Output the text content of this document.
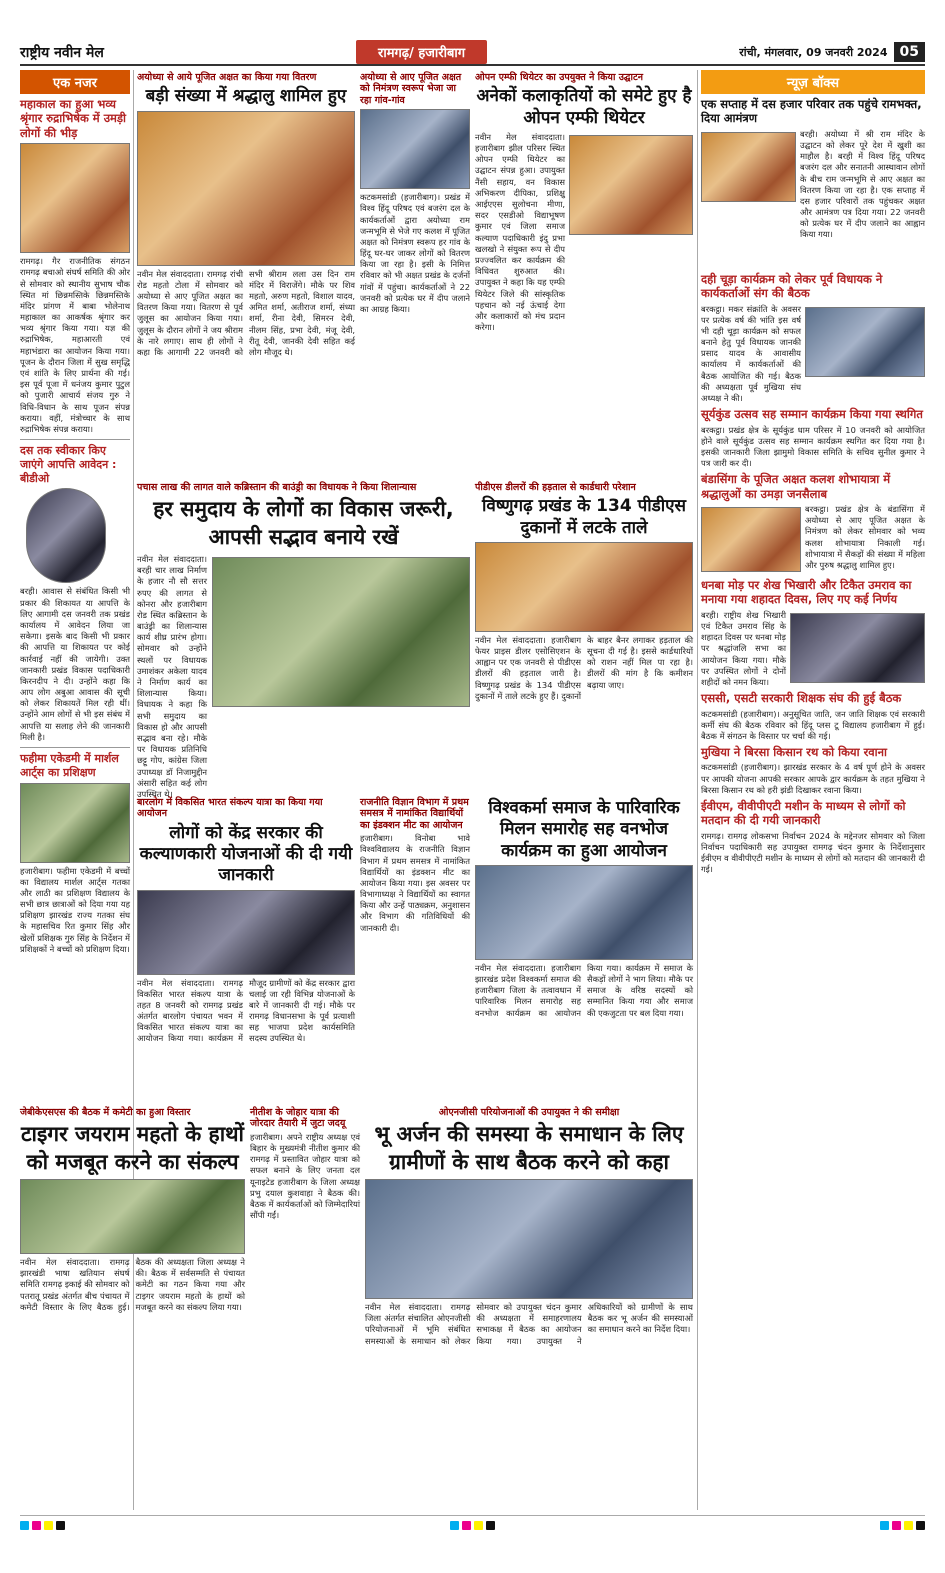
राष्ट्रीय नवीन मेल	रामगढ़/ हजारीबाग	रांची, मंगलवार, 09 जनवरी 2024 05
एक नजर
महाकाल का हुआ भव्य श्रृंगार रुद्राभिषेक में उमड़ी लोगों की भीड़
रामगढ़। गैर राजनीतिक संगठन रामगढ़ बचाओ संघर्ष समिति की ओर से सोमवार को स्थानीय सुभाष चौक स्थित मां छिन्नमस्तिके छिन्नमस्तिके मंदिर प्रांगण में बाबा भोलेनाथ महाकाल का आकर्षक श्रृंगार कर भव्य श्रृंगार किया गया। यज्ञ की रुद्राभिषेक, महाआरती एवं महाभंडारा का आयोजन किया गया। पूजन के दौरान जिला में सुख समृद्धि एवं शांति के लिए प्रार्थना की गई। इस पूर्व पूजा में धनंजय कुमार पुटुल को पुजारी आचार्य संजय गुरु ने विधि-विधान के साथ पूजन संपन्न कराया। वहीं, मंत्रोच्चार के साथ रुद्राभिषेक संपन्न कराया।
दस तक स्वीकार किए जाएंगे आपत्ति आवेदन : बीडीओ
बरही। आवास से संबंधित किसी भी प्रकार की शिकायत या आपत्ति के लिए आगामी दस जनवरी तक प्रखंड कार्यालय में आवेदन लिया जा सकेगा। इसके बाद किसी भी प्रकार की आपत्ति या शिकायत पर कोई कार्रवाई नहीं की जायेगी। उक्त जानकारी प्रखंड विकास पदाधिकारी किरनदीप ने दी। उन्होंने कहा कि आप लोग अबुआ आवास की सूची को लेकर शिकायतें मिल रही थीं। उन्होंने आम लोगों से भी इस संबंध में आपत्ति या सलाह लेने की जानकारी मिली है।
फहीमा एकेडमी में मार्शल आर्ट्स का प्रशिक्षण
हजारीबाग। फहीमा एकेडमी में बच्चों का विद्यालय मार्शल आर्ट्स गतका और लाठी का प्रशिक्षण विद्यालय के सभी छात्र छात्राओं को दिया गया यह प्रशिक्षण झारखंड राज्य गतका संघ के महासचिव रित कुमार सिंह और खेलों प्रशिक्षक गुरु सिंह के निर्देशन में प्रशिक्षकों ने बच्चों को प्रशिक्षण दिया।
अयोध्या से आये पूजित अक्षत का किया गया वितरण
बड़ी संख्या में श्रद्धालु शामिल हुए
नवीन मेल संवाददाता। रामगढ़ रांची रोड महतो टोला में सोमवार को अयोध्या से आए पूजित अक्षत का वितरण किया गया। वितरण से पूर्व जुलूस का आयोजन किया गया। जुलूस के दौरान लोगों ने जय श्रीराम के नारे लगाए। साथ ही लोगों ने कहा कि आगामी 22 जनवरी को सभी श्रीराम लला उस दिन राम मंदिर में विराजेंगे। मौके पर शिव महतो, अरुण महतो, विशाल यादव, अमित शर्मा, अतीराज शर्मा, संध्या शर्मा, रीना देवी, सिमरन देवी, नीलम सिंह, प्रभा देवी, मंजू देवी, रीतू देवी, जानकी देवी सहित कई लोग मौजूद थे।
अयोध्या से आए पूजित अक्षत को निमंत्रण स्वरूप भेजा जा रहा गांव-गांव
कटकमसांडी (हजारीबाग)। प्रखंड में विश्व हिंदू परिषद एवं बजरंग दल के कार्यकर्ताओं द्वारा अयोध्या राम जन्मभूमि से भेजे गए कलश में पूजित अक्षत को निमंत्रण स्वरूप हर गांव के हिंदू घर-घर जाकर लोगों को वितरण किया जा रहा है। इसी के निमित्त रविवार को भी अक्षत प्रखंड के दर्जनों गांवों में पहुंचा। कार्यकर्ताओं ने 22 जनवरी को प्रत्येक घर में दीप जलाने का आग्रह किया।
ओपन एम्फी थियेटर का उपयुक्त ने किया उद्घाटन
अनेकों कलाकृतियों को समेटे हुए है ओपन एम्फी थियेटर
नवीन मेल संवाददाता। हजारीबाग झील परिसर स्थित ओपन एम्फी थियेटर का उद्घाटन संपन्न हुआ। उपायुक्त नैंसी सहाय, वन विकास अभिकरण दीपिका, प्रशिक्षु आईएएस सुलोचना मीणा, सदर एसडीओ विद्याभूषण कुमार एवं जिला समाज कल्याण पदाधिकारी इंदु प्रभा खलखो ने संयुक्त रूप से दीप प्रज्ज्वलित कर कार्यक्रम की विधिवत शुरुआत की। उपायुक्त ने कहा कि यह एम्फी थियेटर जिले की सांस्कृतिक पहचान को नई ऊंचाई देगा और कलाकारों को मंच प्रदान करेगा।
न्यूज़ बॉक्स
एक सप्ताह में दस हजार परिवार तक पहुंचे रामभक्त, दिया आमंत्रण
बरही। अयोध्या में श्री राम मंदिर के उद्घाटन को लेकर पूरे देश में खुशी का माहौल है। बरही में विश्व हिंदू परिषद बजरंग दल और सनातनी आस्थावान लोगों के बीच राम जन्मभूमि से आए अक्षत का वितरण किया जा रहा है। एक सप्ताह में दस हजार परिवारों तक पहुंचकर अक्षत और आमंत्रण पत्र दिया गया। 22 जनवरी को प्रत्येक घर में दीप जलाने का आह्वान किया गया।
दही चूड़ा कार्यक्रम को लेकर पूर्व विधायक ने कार्यकर्ताओं संग की बैठक
बरकट्ठा। मकर संक्रांति के अवसर पर प्रत्येक वर्ष की भांति इस वर्ष भी दही चूड़ा कार्यक्रम को सफल बनाने हेतु पूर्व विधायक जानकी प्रसाद यादव के आवासीय कार्यालय में कार्यकर्ताओं की बैठक आयोजित की गई। बैठक की अध्यक्षता पूर्व मुखिया संघ अध्यक्ष ने की।
सूर्यकुंड उत्सव सह सम्मान कार्यक्रम किया गया स्थगित
बरकट्ठा। प्रखंड क्षेत्र के सूर्यकुंड धाम परिसर में 10 जनवरी को आयोजित होने वाले सूर्यकुंड उत्सव सह सम्मान कार्यक्रम स्थगित कर दिया गया है। इसकी जानकारी जिला झामुमो विकास समिति के सचिव सुनील कुमार ने पत्र जारी कर दी।
बंडासिंगा के पूजित अक्षत कलश शोभायात्रा में श्रद्धालुओं का उमड़ा जनसैलाब
बरकट्ठा। प्रखंड क्षेत्र के बंडासिंगा में अयोध्या से आए पूजित अक्षत के निमंत्रण को लेकर सोमवार को भव्य कलश शोभायात्रा निकाली गई। शोभायात्रा में सैकड़ों की संख्या में महिला और पुरुष श्रद्धालु शामिल हुए।
धनबा मोड़ पर शेख भिखारी और टिकैत उमराव का मनाया गया शहादत दिवस, लिए गए कई निर्णय
बरही। राष्ट्रीय शेख भिखारी एवं टिकैत उमराव सिंह के शहादत दिवस पर धनबा मोड़ पर श्रद्धांजलि सभा का आयोजन किया गया। मौके पर उपस्थित लोगों ने दोनों शहीदों को नमन किया।
एससी, एसटी सरकारी शिक्षक संघ की हुई बैठक
कटकमसांडी (हजारीबाग)। अनुसूचित जाति, जन जाति शिक्षक एवं सरकारी कर्मी संघ की बैठक रविवार को हिंदू प्लस टू विद्यालय हजारीबाग में हुई। बैठक में संगठन के विस्तार पर चर्चा की गई।
मुखिया ने बिरसा किसान रथ को किया रवाना
कटकमसांडी (हजारीबाग)। झारखंड सरकार के 4 वर्ष पूर्ण होने के अवसर पर आपकी योजना आपकी सरकार आपके द्वार कार्यक्रम के तहत मुखिया ने बिरसा किसान रथ को हरी झंडी दिखाकर रवाना किया।
ईवीएम, वीवीपीएटी मशीन के माध्यम से लोगों को मतदान की दी गयी जानकारी
रामगढ़। रामगढ़ लोकसभा निर्वाचन 2024 के मद्देनजर सोमवार को जिला निर्वाचन पदाधिकारी सह उपायुक्त रामगढ़ चंदन कुमार के निर्देशानुसार ईवीएम व वीवीपीएटी मशीन के माध्यम से लोगों को मतदान की जानकारी दी गई।
पचास लाख की लागत वाले कब्रिस्तान की बाउंड्री का विधायक ने किया शिलान्यास
हर समुदाय के लोगों का विकास जरूरी, आपसी सद्भाव बनाये रखें
नवीन मेल संवाददाता। बरही चार लाख निर्माण के हजार नौ सौ सत्तर रुपए की लागत से कोनरा और हजारीबाग रोड स्थित कब्रिस्तान के बाउंड्री का शिलान्यास कार्य शीघ्र प्रारंभ होगा। सोमवार को उन्होंने स्थलों पर विधायक उमाशंकर अकेला यादव ने निर्माण कार्य का शिलान्यास किया। विधायक ने कहा कि सभी समुदाय का विकास हो और आपसी सद्भाव बना रहे। मौके पर विधायक प्रतिनिधि छट्टू गोप, कांग्रेस जिला उपाध्यक्ष डॉ निजामुद्दीन अंसारी सहित कई लोग उपस्थित थे।
पीडीएस डीलरों की हड़ताल से कार्डधारी परेशान
विष्णुगढ़ प्रखंड के 134 पीडीएस दुकानों में लटके ताले
नवीन मेल संवाददाता। हजारीबाग फेयर प्राइस डीलर एसोसिएशन के आह्वान पर एक जनवरी से पीडीएस डीलरों की हड़ताल जारी है। विष्णुगढ़ प्रखंड के 134 पीडीएस दुकानों में ताले लटके हुए हैं। दुकानों के बाहर बैनर लगाकर हड़ताल की सूचना दी गई है। इससे कार्डधारियों को राशन नहीं मिल पा रहा है। डीलरों की मांग है कि कमीशन बढ़ाया जाए।
बारलोग में विकसित भारत संकल्प यात्रा का किया गया आयोजन
लोगों को केंद्र सरकार की कल्याणकारी योजनाओं की दी गयी जानकारी
नवीन मेल संवाददाता। रामगढ़ विकसित भारत संकल्प यात्रा के तहत 8 जनवरी को रामगढ़ प्रखंड अंतर्गत बारलोग पंचायत भवन में विकसित भारत संकल्प यात्रा का आयोजन किया गया। कार्यक्रम में मौजूद ग्रामीणों को केंद्र सरकार द्वारा चलाई जा रही विभिन्न योजनाओं के बारे में जानकारी दी गई। मौके पर रामगढ़ विधानसभा के पूर्व प्रत्याशी सह भाजपा प्रदेश कार्यसमिति सदस्य उपस्थित थे।
राजनीति विज्ञान विभाग में प्रथम समसत्र में नामांकित विद्यार्थियों का इंडक्शन मीट का आयोजन
हजारीबाग। विनोबा भावे विश्वविद्यालय के राजनीति विज्ञान विभाग में प्रथम समसत्र में नामांकित विद्यार्थियों का इंडक्शन मीट का आयोजन किया गया। इस अवसर पर विभागाध्यक्ष ने विद्यार्थियों का स्वागत किया और उन्हें पाठ्यक्रम, अनुशासन और विभाग की गतिविधियों की जानकारी दी।
विश्वकर्मा समाज के पारिवारिक मिलन समारोह सह वनभोज कार्यक्रम का हुआ आयोजन
नवीन मेल संवाददाता। हजारीबाग झारखंड प्रदेश विश्वकर्मा समाज की हजारीबाग जिला के तत्वावधान में पारिवारिक मिलन समारोह सह वनभोज कार्यक्रम का आयोजन किया गया। कार्यक्रम में समाज के सैकड़ों लोगों ने भाग लिया। मौके पर समाज के वरिष्ठ सदस्यों को सम्मानित किया गया और समाज की एकजुटता पर बल दिया गया।
जेबीकेएसएस की बैठक में कमेटी का हुआ विस्तार
टाइगर जयराम महतो के हाथों को मजबूत करने का संकल्प
नवीन मेल संवाददाता। रामगढ़ झारखंडी भाषा खतियान संघर्ष समिति रामगढ़ इकाई की सोमवार को पतरातू प्रखंड अंतर्गत बीच पंचायत में कमेटी विस्तार के लिए बैठक हुई। बैठक की अध्यक्षता जिला अध्यक्ष ने की। बैठक में सर्वसम्मति से पंचायत कमेटी का गठन किया गया और टाइगर जयराम महतो के हाथों को मजबूत करने का संकल्प लिया गया।
नीतीश के जोहार यात्रा की जोरदार तैयारी में जुटा जदयू
हजारीबाग। अपने राष्ट्रीय अध्यक्ष एवं बिहार के मुख्यमंत्री नीतीश कुमार की रामगढ़ में प्रस्तावित जोहार यात्रा को सफल बनाने के लिए जनता दल यूनाइटेड हजारीबाग के जिला अध्यक्ष प्रभु दयाल कुशवाहा ने बैठक की। बैठक में कार्यकर्ताओं को जिम्मेदारियां सौंपी गईं।
ओएनजीसी परियोजनाओं की उपायुक्त ने की समीक्षा
भू अर्जन की समस्या के समाधान के लिए ग्रामीणों के साथ बैठक करने को कहा
नवीन मेल संवाददाता। रामगढ़ जिला अंतर्गत संचालित ओएनजीसी परियोजनाओं में भूमि संबंधित समस्याओं के समाधान को लेकर सोमवार को उपायुक्त चंदन कुमार की अध्यक्षता में समाहरणालय सभाकक्ष में बैठक का आयोजन किया गया। उपायुक्त ने अधिकारियों को ग्रामीणों के साथ बैठक कर भू अर्जन की समस्याओं का समाधान करने का निर्देश दिया।
